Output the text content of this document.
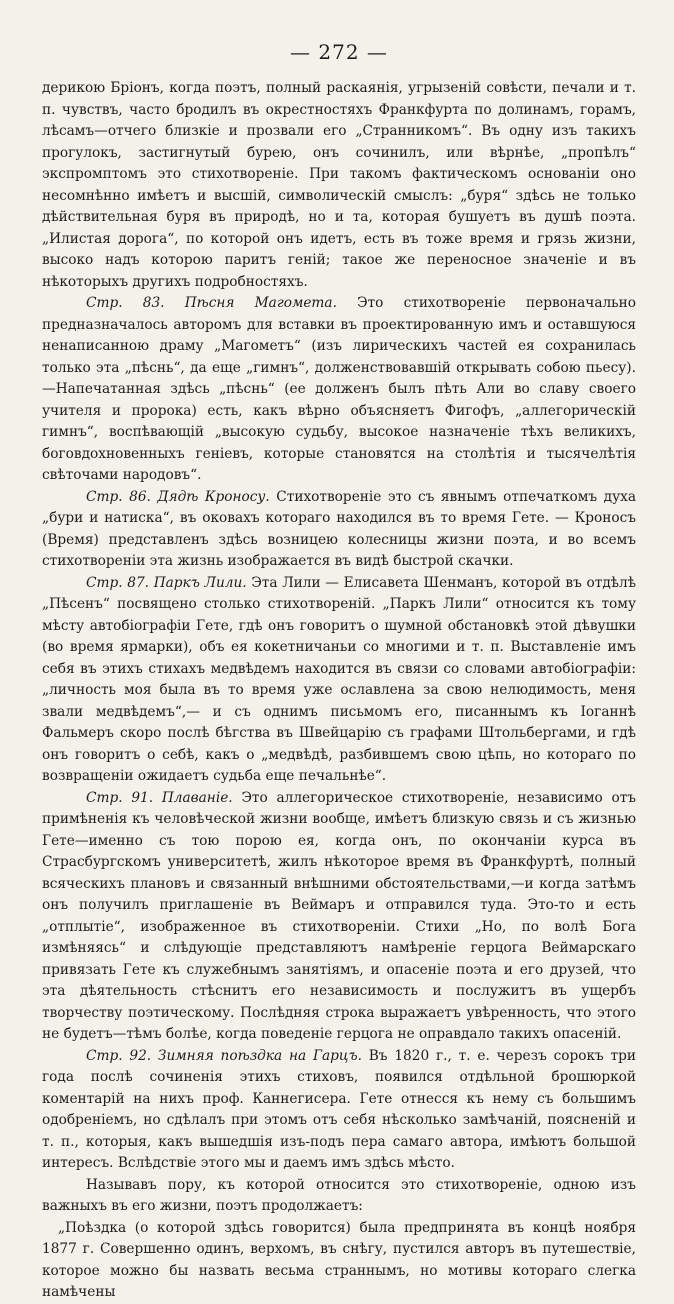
— 272 —

дерикою Бріонъ, когда поэтъ, полный раскаянія, угрызеній совѣсти, печали и т. п. чувствъ, часто бродилъ въ окрестностяхъ Франкфурта по долинамъ, горамъ, лѣсамъ—отчего близкіе и прозвали его „Странникомъ“. Въ одну изъ такихъ прогулокъ, застигнутый бурею, онъ сочинилъ, или вѣрнѣе, „пропѣлъ“ экспромптомъ это стихотвореніе. При такомъ фактическомъ основаніи оно несомнѣнно имѣетъ и высшій, символическій смыслъ: „буря“ здѣсь не только дѣйствительная буря въ природѣ, но и та, которая бушуетъ въ душѣ поэта. „Илистая дорога“, по которой онъ идетъ, есть въ тоже время и грязь жизни, высоко надъ которою паритъ геній; такое же переносное значеніе и въ нѣкоторыхъ другихъ подробностяхъ.

Стр. 83. Пѣсня Магомета. Это стихотвореніе первоначально предназначалось авторомъ для вставки въ проектированную имъ и оставшуюся ненаписанною драму „Магометъ“ (изъ лирическихъ частей ея сохранилась только эта „пѣснь“, да еще „гимнъ“, долженствовавшій открывать собою пьесу).—Напечатанная здѣсь „пѣснь“ (ее долженъ былъ пѣть Али во славу своего учителя и пророка) есть, какъ вѣрно объясняетъ Фигофъ, „аллегорическій гимнъ“, воспѣвающій „высокую судьбу, высокое назначеніе тѣхъ великихъ, боговдохновенныхъ геніевъ, которые становятся на столѣтія и тысячелѣтія свѣточами народовъ“.

Стр. 86. Дядѣ Кроносу. Стихотвореніе это съ явнымъ отпечаткомъ духа „бури и натиска“, въ оковахъ котораго находился въ то время Гете. — Кроносъ (Время) представленъ здѣсь возницею колесницы жизни поэта, и во всемъ стихотвореніи эта жизнь изображается въ видѣ быстрой скачки.

Стр. 87. Паркъ Лили. Эта Лили — Елисавета Шенманъ, которой въ отдѣлѣ „Пѣсенъ“ посвящено столько стихотвореній. „Паркъ Лили“ относится къ тому мѣсту автобіографіи Гете, гдѣ онъ говоритъ о шумной обстановкѣ этой дѣвушки (во время ярмарки), объ ея кокетничаньи со многими и т. п. Выставленіе имъ себя въ этихъ стихахъ медвѣдемъ находится въ связи со словами автобіографіи: „личность моя была въ то время уже ославлена за свою нелюдимость, меня звали медвѣдемъ“,— и съ однимъ письмомъ его, писаннымъ къ Іоганнѣ Фальмеръ скоро послѣ бѣгства въ Швейцарію съ графами Штольбергами, и гдѣ онъ говоритъ о себѣ, какъ о „медвѣдѣ, разбившемъ свою цѣпь, но котораго по возвращеніи ожидаетъ судьба еще печальнѣе“.

Стр. 91. Плаваніе. Это аллегорическое стихотвореніе, независимо отъ примѣненія къ человѣческой жизни вообще, имѣетъ близкую связь и съ жизнью Гете—именно съ тою порою ея, когда онъ, по окончаніи курса въ Страсбургскомъ университетѣ, жилъ нѣкоторое время въ Франкфуртѣ, полный всяческихъ плановъ и связанный внѣшними обстоятельствами,—и когда затѣмъ онъ получилъ приглашеніе въ Веймаръ и отправился туда. Это-то и есть „отплытіе“, изображенное въ стихотвореніи. Стихи „Но, по волѣ Бога измѣняясь“ и слѣдующіе представляютъ намѣреніе герцога Веймарскаго привязать Гете къ служебнымъ занятіямъ, и опасеніе поэта и его друзей, что эта дѣятельность стѣснитъ его независимость и послужитъ въ ущербъ творчеству поэтическому. Послѣдняя строка выражаетъ увѣренность, что этого не будетъ—тѣмъ болѣе, когда поведеніе герцога не оправдало такихъ опасеній.

Стр. 92. Зимняя поѣздка на Гарцъ. Въ 1820 г., т. е. черезъ сорокъ три года послѣ сочиненія этихъ стиховъ, появился отдѣльной брошюркой коментарій на нихъ проф. Каннегисера. Гете отнесся къ нему съ большимъ одобреніемъ, но сдѣлалъ при этомъ отъ себя нѣсколько замѣчаній, поясненій и т. п., которыя, какъ вышедшія изъ-подъ пера самаго автора, имѣютъ большой интересъ. Вслѣдствіе этого мы и даемъ имъ здѣсь мѣсто.

Называвъ пору, къ которой относится это стихотвореніе, одною изъ важныхъ въ его жизни, поэтъ продолжаетъ:

„Поѣздка (о которой здѣсь говорится) была предпринята въ концѣ ноября 1877 г. Совершенно одинъ, верхомъ, въ снѣгу, пустился авторъ въ путешествіе, которое можно бы назвать весьма страннымъ, но мотивы котораго слегка намѣчены
